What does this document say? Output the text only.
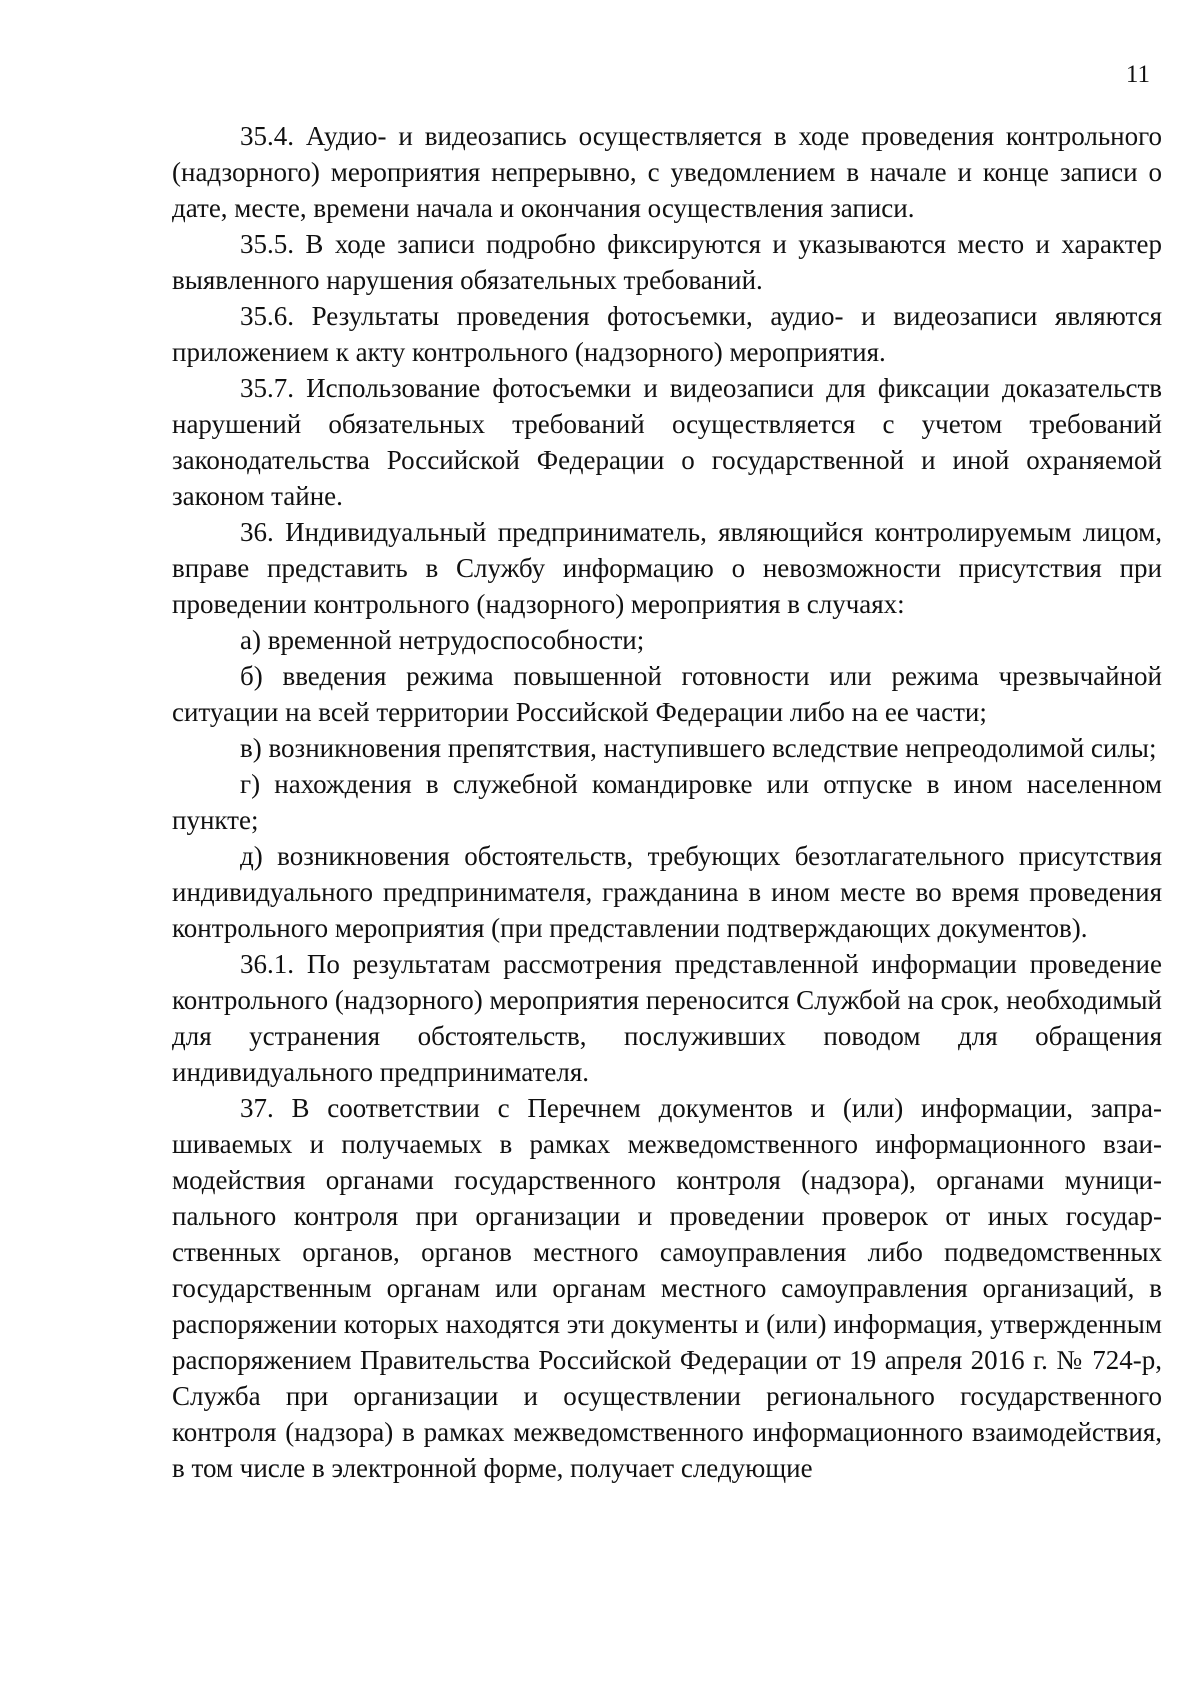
11

35.4. Аудио- и видеозапись осуществляется в ходе проведения контрольного (надзорного) мероприятия непрерывно, с уведомлением в начале и конце записи о дате, месте, времени начала и окончания осуществления записи.

35.5. В ходе записи подробно фиксируются и указываются место и характер выявленного нарушения обязательных требований.

35.6. Результаты проведения фотосъемки, аудио- и видеозаписи являются приложением к акту контрольного (надзорного) мероприятия.

35.7. Использование фотосъемки и видеозаписи для фиксации доказательств нарушений обязательных требований осуществляется с учетом требований законодательства Российской Федерации о государственной и иной охраняемой законом тайне.

36. Индивидуальный предприниматель, являющийся контролируемым лицом, вправе представить в Службу информацию о невозможности присутствия при проведении контрольного (надзорного) мероприятия в случаях:

а) временной нетрудоспособности;

б) введения режима повышенной готовности или режима чрезвычайной ситуации на всей территории Российской Федерации либо на ее части;

в) возникновения препятствия, наступившего вследствие непреодолимой силы;

г) нахождения в служебной командировке или отпуске в ином населенном пункте;

д) возникновения обстоятельств, требующих безотлагательного присутствия индивидуального предпринимателя, гражданина в ином месте во время проведения контрольного мероприятия (при представлении подтверждающих документов).

36.1. По результатам рассмотрения представленной информации проведение контрольного (надзорного) мероприятия переносится Службой на срок, необходимый для устранения обстоятельств, послуживших поводом для обращения индивидуального предпринимателя.

37. В соответствии с Перечнем документов и (или) информации, запрашиваемых и получаемых в рамках межведомственного информационного взаимодействия органами государственного контроля (надзора), органами муниципального контроля при организации и проведении проверок от иных государственных органов, органов местного самоуправления либо подведомственных государственным органам или органам местного самоуправления организаций, в распоряжении которых находятся эти документы и (или) информация, утвержденным распоряжением Правительства Российской Федерации от 19 апреля 2016 г. № 724-р, Служба при организации и осуществлении регионального государственного контроля (надзора) в рамках межведомственного информационного взаимодействия, в том числе в электронной форме, получает следующие
